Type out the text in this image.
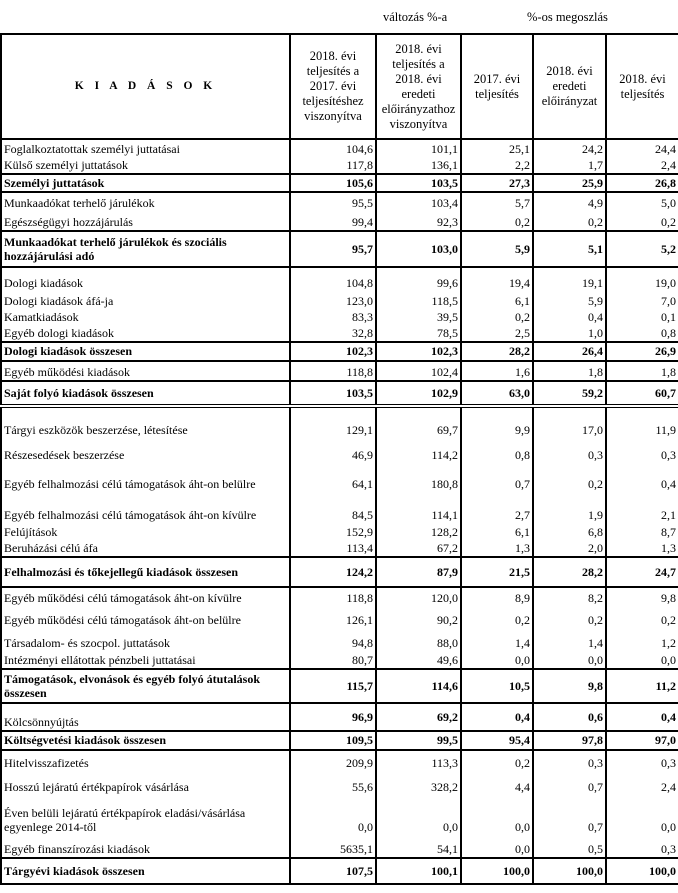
változás %-a	%-os megoszlás
K I A D Á S O K	2018. évi teljesítés a 2017. évi teljesítéshez viszonyítva	2018. évi teljesítés a 2018. évi eredeti előirányzathoz viszonyítva	2017. évi teljesítés	2018. évi eredeti előirányzat	2018. évi teljesítés
Foglalkoztatottak személyi juttatásai	104,6	101,1	25,1	24,2	24,4
Külső személyi juttatások	117,8	136,1	2,2	1,7	2,4
Személyi juttatások	105,6	103,5	27,3	25,9	26,8
Munkaadókat terhelő járulékok	95,5	103,4	5,7	4,9	5,0
Egészségügyi hozzájárulás	99,4	92,3	0,2	0,2	0,2
Munkaadókat terhelő járulékok és szociális hozzájárulási adó	95,7	103,0	5,9	5,1	5,2
Dologi kiadások	104,8	99,6	19,4	19,1	19,0
Dologi kiadások áfá-ja	123,0	118,5	6,1	5,9	7,0
Kamatkiadások	83,3	39,5	0,2	0,4	0,1
Egyéb dologi kiadások	32,8	78,5	2,5	1,0	0,8
Dologi kiadások összesen	102,3	102,3	28,2	26,4	26,9
Egyéb működési kiadások	118,8	102,4	1,6	1,8	1,8
Saját folyó kiadások összesen	103,5	102,9	63,0	59,2	60,7
Tárgyi eszközök beszerzése, létesítése	129,1	69,7	9,9	17,0	11,9
Részesedések beszerzése	46,9	114,2	0,8	0,3	0,3
Egyéb felhalmozási célú támogatások áht-on belülre	64,1	180,8	0,7	0,2	0,4
Egyéb felhalmozási célú támogatások áht-on kívülre	84,5	114,1	2,7	1,9	2,1
Felújítások	152,9	128,2	6,1	6,8	8,7
Beruházási célú áfa	113,4	67,2	1,3	2,0	1,3
Felhalmozási és tőkejellegű kiadások összesen	124,2	87,9	21,5	28,2	24,7
Egyéb működési célú támogatások áht-on kívülre	118,8	120,0	8,9	8,2	9,8
Egyéb működési célú támogatások áht-on belülre	126,1	90,2	0,2	0,2	0,2
Társadalom- és szocpol. juttatások	94,8	88,0	1,4	1,4	1,2
Intézményi ellátottak pénzbeli juttatásai	80,7	49,6	0,0	0,0	0,0
Támogatások, elvonások és egyéb folyó átutalások összesen	115,7	114,6	10,5	9,8	11,2
Kölcsönnyújtás	96,9	69,2	0,4	0,6	0,4
Költségvetési kiadások összesen	109,5	99,5	95,4	97,8	97,0
Hitelvisszafizetés	209,9	113,3	0,2	0,3	0,3
Hosszú lejáratú értékpapírok vásárlása	55,6	328,2	4,4	0,7	2,4
Éven belüli lejáratú értékpapírok eladási/vásárlása egyenlege 2014-től	0,0	0,0	0,0	0,7	0,0
Egyéb finanszírozási kiadások	5635,1	54,1	0,0	0,5	0,3
Tárgyévi kiadások összesen	107,5	100,1	100,0	100,0	100,0
